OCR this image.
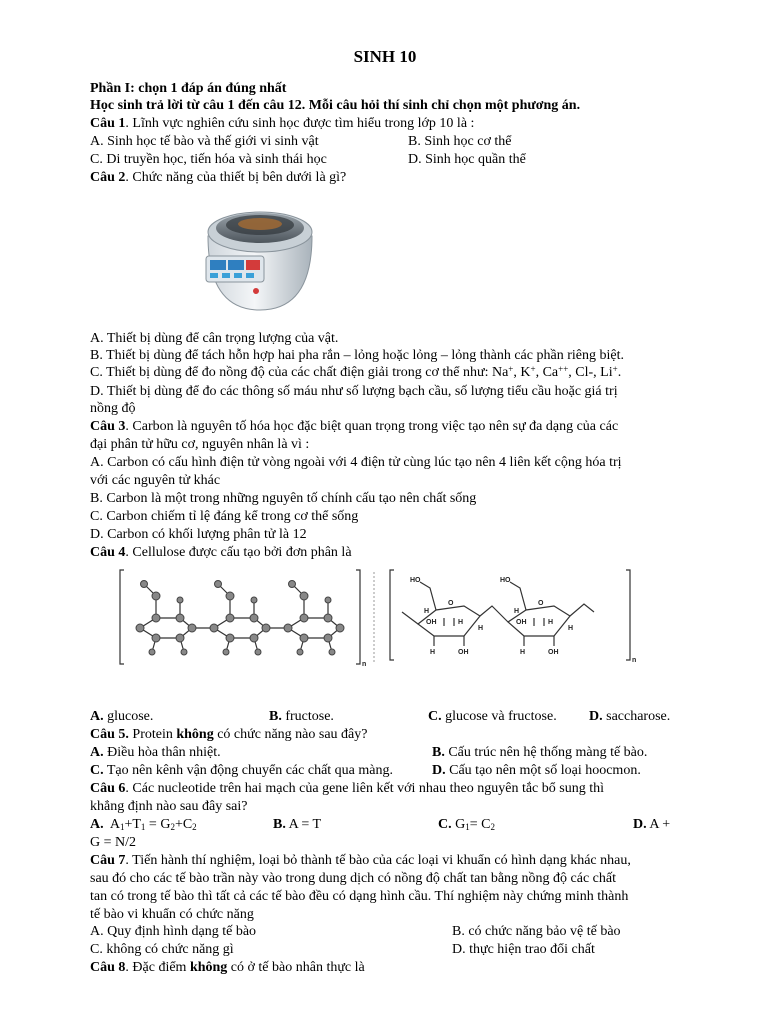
SINH 10
Phần I: chọn 1 đáp án đúng nhất
Học sinh trả lời từ câu 1 đến câu 12. Mỗi câu hỏi thí sinh chỉ chọn một phương án.
Câu 1. Lĩnh vực nghiên cứu sinh học được tìm hiểu trong lớp 10 là :
A. Sinh học tế bào và thế giới vi sinh vật	B. Sinh học cơ thể
C. Di truyền học, tiến hóa và sinh thái học	D. Sinh học quần thể
Câu 2. Chức năng của thiết bị bên dưới là gì?
A. Thiết bị dùng để cân trọng lượng của vật.
B. Thiết bị dùng để tách hỗn hợp hai pha rắn – lỏng hoặc lỏng – lỏng thành các phần riêng biệt.
C. Thiết bị dùng để đo nồng độ của các chất điện giải trong cơ thể như: Na+, K+, Ca++, Cl-, Li+.
D. Thiết bị dùng để đo các thông số máu như số lượng bạch cầu, số lượng tiểu cầu hoặc giá trị
nồng độ
Câu 3. Carbon là nguyên tố hóa học đặc biệt quan trọng trong việc tạo nên sự đa dạng của các
đại phân tử hữu cơ, nguyên nhân là vì :
A. Carbon có cấu hình điện tử vòng ngoài với 4 điện tử cùng lúc tạo nên 4 liên kết cộng hóa trị
với các nguyên tử khác
B. Carbon là một trong những nguyên tố chính cấu tạo nên chất sống
C. Carbon chiếm tỉ lệ đáng kể trong cơ thể sống
D. Carbon có khối lượng phân tử là 12
Câu 4. Cellulose được cấu tạo bởi đơn phân là
HO	HO
O	O
H	H
OH	OH
H	H
H	H
OH	OH
H	H
n
n
A. glucose.	B. fructose.	C. glucose và fructose. D. saccharose.
Câu 5. Protein không có chức năng nào sau đây?
A. Điều hòa thân nhiệt.	B. Cấu trúc nên hệ thống màng tế bào.
C. Tạo nên kênh vận động chuyển các chất qua màng.	D. Cấu tạo nên một số loại hoocmon.
Câu 6. Các nucleotide trên hai mạch của gene liên kết với nhau theo nguyên tắc bổ sung thì
khẳng định nào sau đây sai?
A.  $A_1+T_1 = G_2+C_2$	B. A = T	C. $G_1= C_2$	D. A +
G = N/2
Câu 7. Tiến hành thí nghiệm, loại bỏ thành tế bào của các loại vi khuẩn có hình dạng khác nhau,
sau đó cho các tế bào trần này vào trong dung dịch có nồng độ chất tan bằng nồng độ các chất
tan có trong tế bào thì tất cả các tế bào đều có dạng hình cầu. Thí nghiệm này chứng minh thành
tế bào vi khuẩn có chức năng
A. Quy định hình dạng tế bào	B. có chức năng bảo vệ tế bào
C. không có chức năng gì	D. thực hiện trao đổi chất
Câu 8. Đặc điểm không có ở tế bào nhân thực là
